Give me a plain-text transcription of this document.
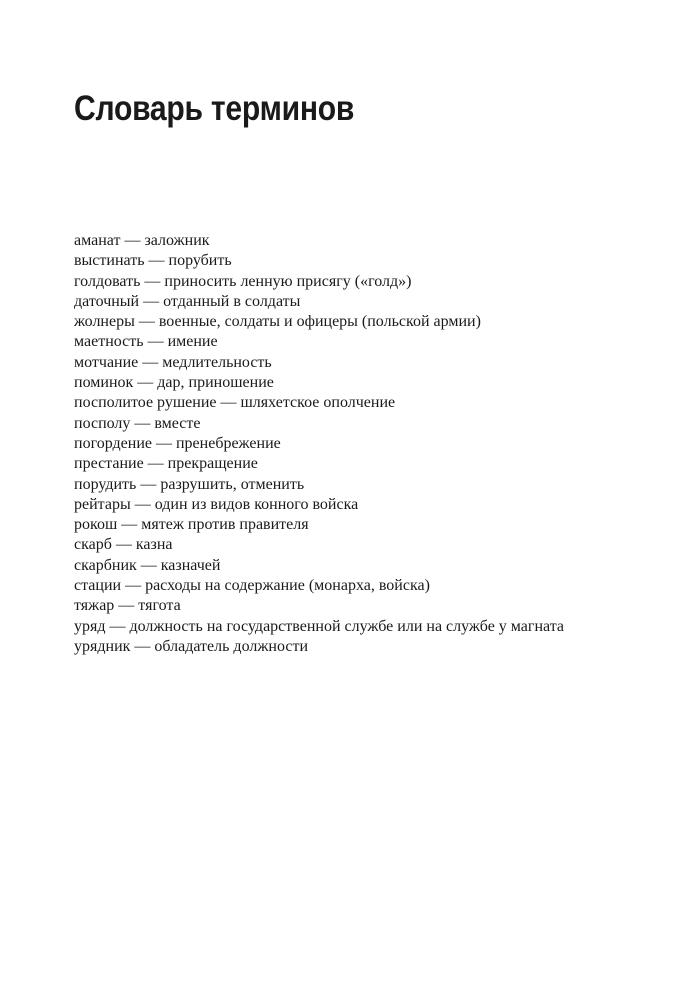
Словарь терминов
аманат — заложник
выстинать — порубить
голдовать — приносить ленную присягу («голд»)
даточный — отданный в солдаты
жолнеры — военные, солдаты и офицеры (польской армии)
маетность — имение
мотчание — медлительность
поминок — дар, приношение
посполитое рушение — шляхетское ополчение
посполу — вместе
погордение — пренебрежение
престание — прекращение
порудить — разрушить, отменить
рейтары — один из видов конного войска
рокош — мятеж против правителя
скарб — казна
скарбник — казначей
стации — расходы на содержание (монарха, войска)
тяжар — тягота
уряд — должность на государственной службе или на службе у магната
урядник — обладатель должности
